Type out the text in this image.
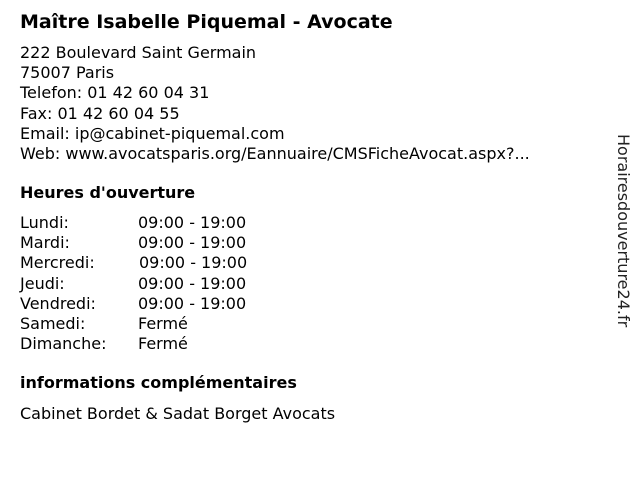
Maître Isabelle Piquemal - Avocate
222 Boulevard Saint Germain
75007 Paris
Telefon: 01 42 60 04 31
Fax: 01 42 60 04 55
Email: ip@cabinet-piquemal.com
Web: www.avocatsparis.org/Eannuaire/CMSFicheAvocat.aspx?...
Heures d'ouverture
Lundi:	09:00 - 19:00
Mardi:	09:00 - 19:00
Mercredi:	09:00 - 19:00
Jeudi:	09:00 - 19:00
Vendredi:	09:00 - 19:00
Samedi:	Fermé
Dimanche: Fermé
informations complémentaires
Cabinet Bordet & Sadat Borget Avocats
Horairesdouverture24.fr
